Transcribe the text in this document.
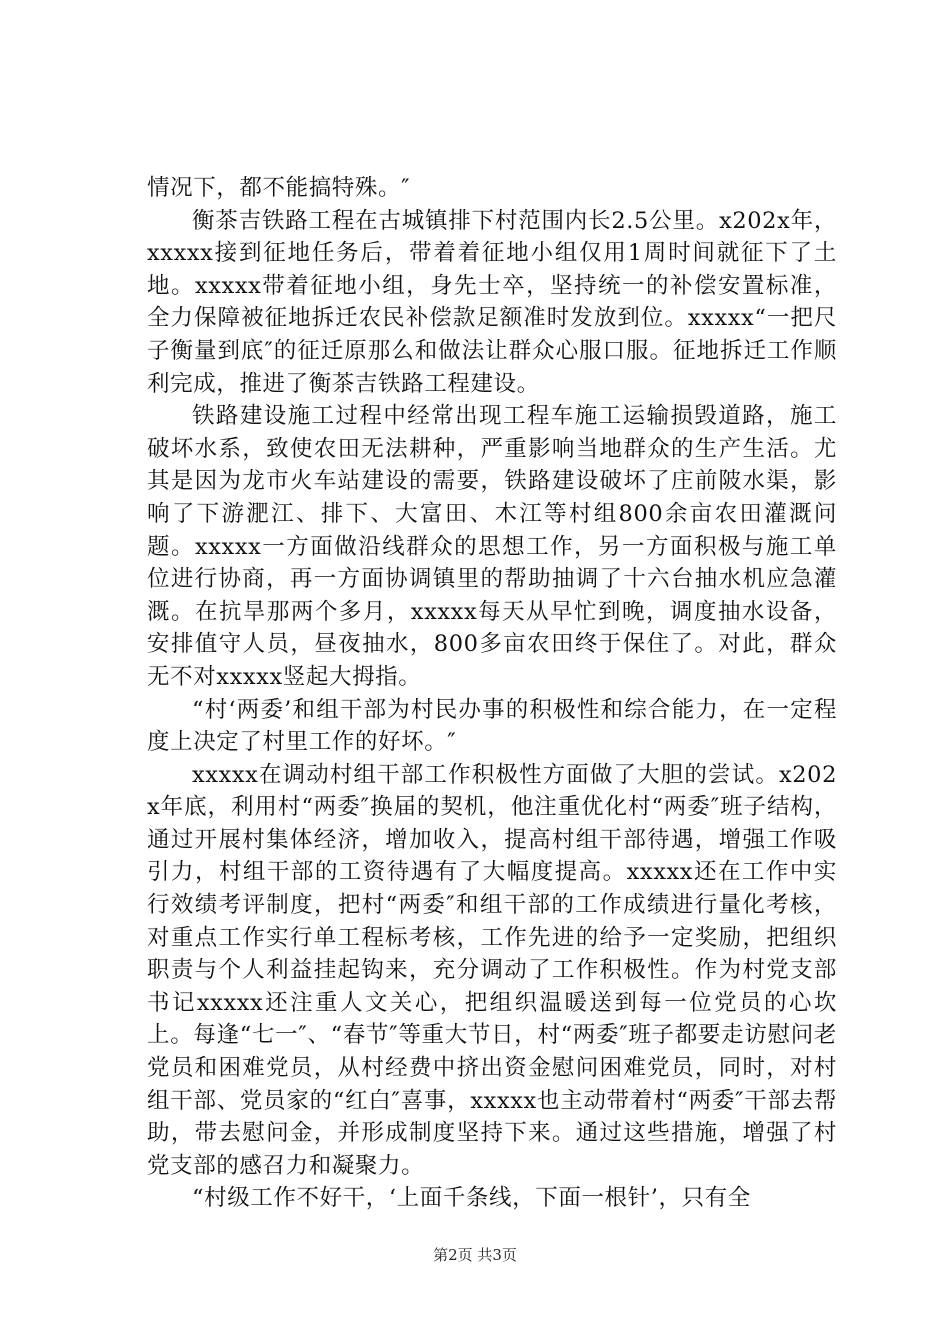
情况下，都不能搞特殊。″

衡茶吉铁路工程在古城镇排下村范围内长2.5公里。x202x年，xxxxx接到征地任务后，带着着征地小组仅用1周时间就征下了土地。xxxxx带着征地小组，身先士卒，坚持统一的补偿安置标准，全力保障被征地拆迁农民补偿款足额准时发放到位。xxxxx“一把尺子衡量到底″的征迁原那么和做法让群众心服口服。征地拆迁工作顺利完成，推进了衡茶吉铁路工程建设。

铁路建设施工过程中经常出现工程车施工运输损毁道路，施工破坏水系，致使农田无法耕种，严重影响当地群众的生产生活。尤其是因为龙市火车站建设的需要，铁路建设破坏了庄前陂水渠，影响了下游淝江、排下、大富田、木江等村组800余亩农田灌溉问题。xxxxx一方面做沿线群众的思想工作，另一方面积极与施工单位进行协商，再一方面协调镇里的帮助抽调了十六台抽水机应急灌溉。在抗旱那两个多月，xxxxx每天从早忙到晚，调度抽水设备，安排值守人员，昼夜抽水，800多亩农田终于保住了。对此，群众无不对xxxxx竖起大拇指。

“村‘两委’和组干部为村民办事的积极性和综合能力，在一定程度上决定了村里工作的好坏。″

xxxxx在调动村组干部工作积极性方面做了大胆的尝试。x202x年底，利用村“两委″换届的契机，他注重优化村“两委″班子结构，通过开展村集体经济，增加收入，提高村组干部待遇，增强工作吸引力，村组干部的工资待遇有了大幅度提高。xxxxx还在工作中实行效绩考评制度，把村“两委″和组干部的工作成绩进行量化考核，对重点工作实行单工程标考核，工作先进的给予一定奖励，把组织职责与个人利益挂起钩来，充分调动了工作积极性。作为村党支部书记xxxxx还注重人文关心，把组织温暖送到每一位党员的心坎上。每逢“七一″、“春节″等重大节日，村“两委″班子都要走访慰问老党员和困难党员，从村经费中挤出资金慰问困难党员，同时，对村组干部、党员家的“红白″喜事，xxxxx也主动带着村“两委″干部去帮助，带去慰问金，并形成制度坚持下来。通过这些措施，增强了村党支部的感召力和凝聚力。

“村级工作不好干，‘上面千条线，下面一根针’，只有全

第2页 共3页
